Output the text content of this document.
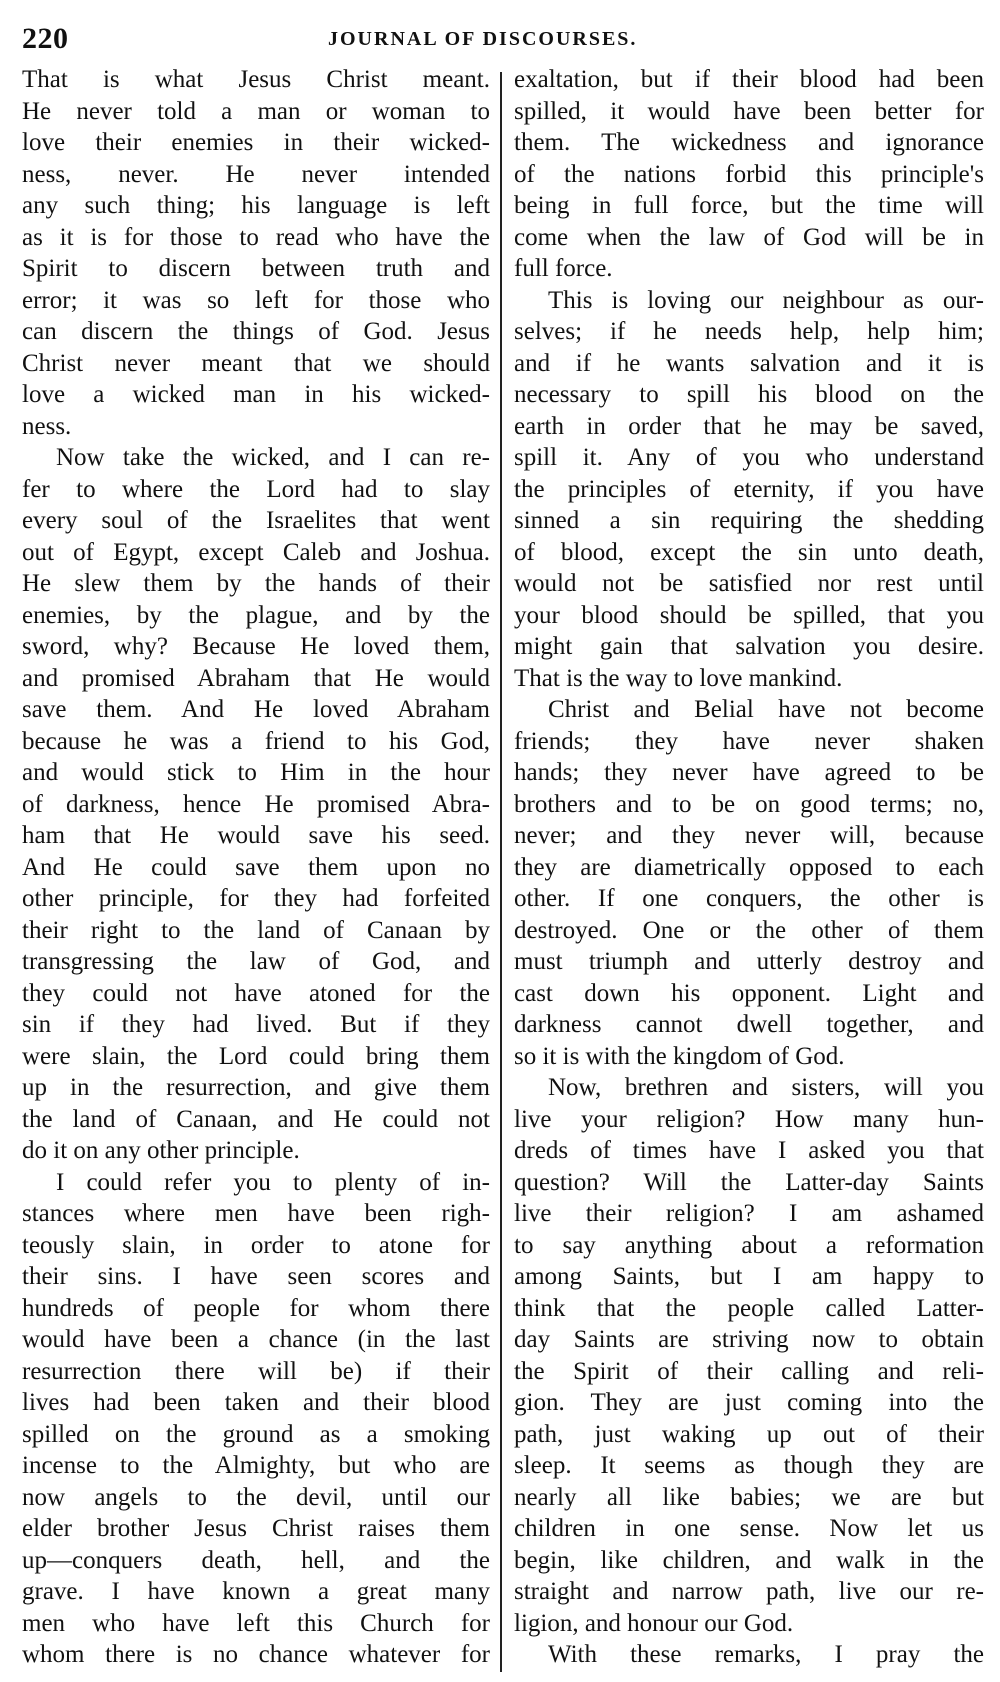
220	JOURNAL OF DISCOURSES.
That is what Jesus Christ meant.
He never told a man or woman to
love their enemies in their wicked-
ness, never. He never intended
any such thing; his language is left
as it is for those to read who have the
Spirit to discern between truth and
error; it was so left for those who
can discern the things of God. Jesus
Christ never meant that we should
love a wicked man in his wicked-
ness.
Now take the wicked, and I can re-
fer to where the Lord had to slay
every soul of the Israelites that went
out of Egypt, except Caleb and Joshua.
He slew them by the hands of their
enemies, by the plague, and by the
sword, why? Because He loved them,
and promised Abraham that He would
save them. And He loved Abraham
because he was a friend to his God,
and would stick to Him in the hour
of darkness, hence He promised Abra-
ham that He would save his seed.
And He could save them upon no
other principle, for they had forfeited
their right to the land of Canaan by
transgressing the law of God, and
they could not have atoned for the
sin if they had lived. But if they
were slain, the Lord could bring them
up in the resurrection, and give them
the land of Canaan, and He could not
do it on any other principle.
I could refer you to plenty of in-
stances where men have been righ-
teously slain, in order to atone for
their sins. I have seen scores and
hundreds of people for whom there
would have been a chance (in the last
resurrection there will be) if their
lives had been taken and their blood
spilled on the ground as a smoking
incense to the Almighty, but who are
now angels to the devil, until our
elder brother Jesus Christ raises them
up—conquers death, hell, and the
grave. I have known a great many
men who have left this Church for
whom there is no chance whatever for
exaltation, but if their blood had been
spilled, it would have been better for
them. The wickedness and ignorance
of the nations forbid this principle's
being in full force, but the time will
come when the law of God will be in
full force.
This is loving our neighbour as our-
selves; if he needs help, help him;
and if he wants salvation and it is
necessary to spill his blood on the
earth in order that he may be saved,
spill it. Any of you who understand
the principles of eternity, if you have
sinned a sin requiring the shedding
of blood, except the sin unto death,
would not be satisfied nor rest until
your blood should be spilled, that you
might gain that salvation you desire.
That is the way to love mankind.
Christ and Belial have not become
friends; they have never shaken
hands; they never have agreed to be
brothers and to be on good terms; no,
never; and they never will, because
they are diametrically opposed to each
other. If one conquers, the other is
destroyed. One or the other of them
must triumph and utterly destroy and
cast down his opponent. Light and
darkness cannot dwell together, and
so it is with the kingdom of God.
Now, brethren and sisters, will you
live your religion? How many hun-
dreds of times have I asked you that
question? Will the Latter-day Saints
live their religion? I am ashamed
to say anything about a reformation
among Saints, but I am happy to
think that the people called Latter-
day Saints are striving now to obtain
the Spirit of their calling and reli-
gion. They are just coming into the
path, just waking up out of their
sleep. It seems as though they are
nearly all like babies; we are but
children in one sense. Now let us
begin, like children, and walk in the
straight and narrow path, live our re-
ligion, and honour our God.
With these remarks, I pray the
